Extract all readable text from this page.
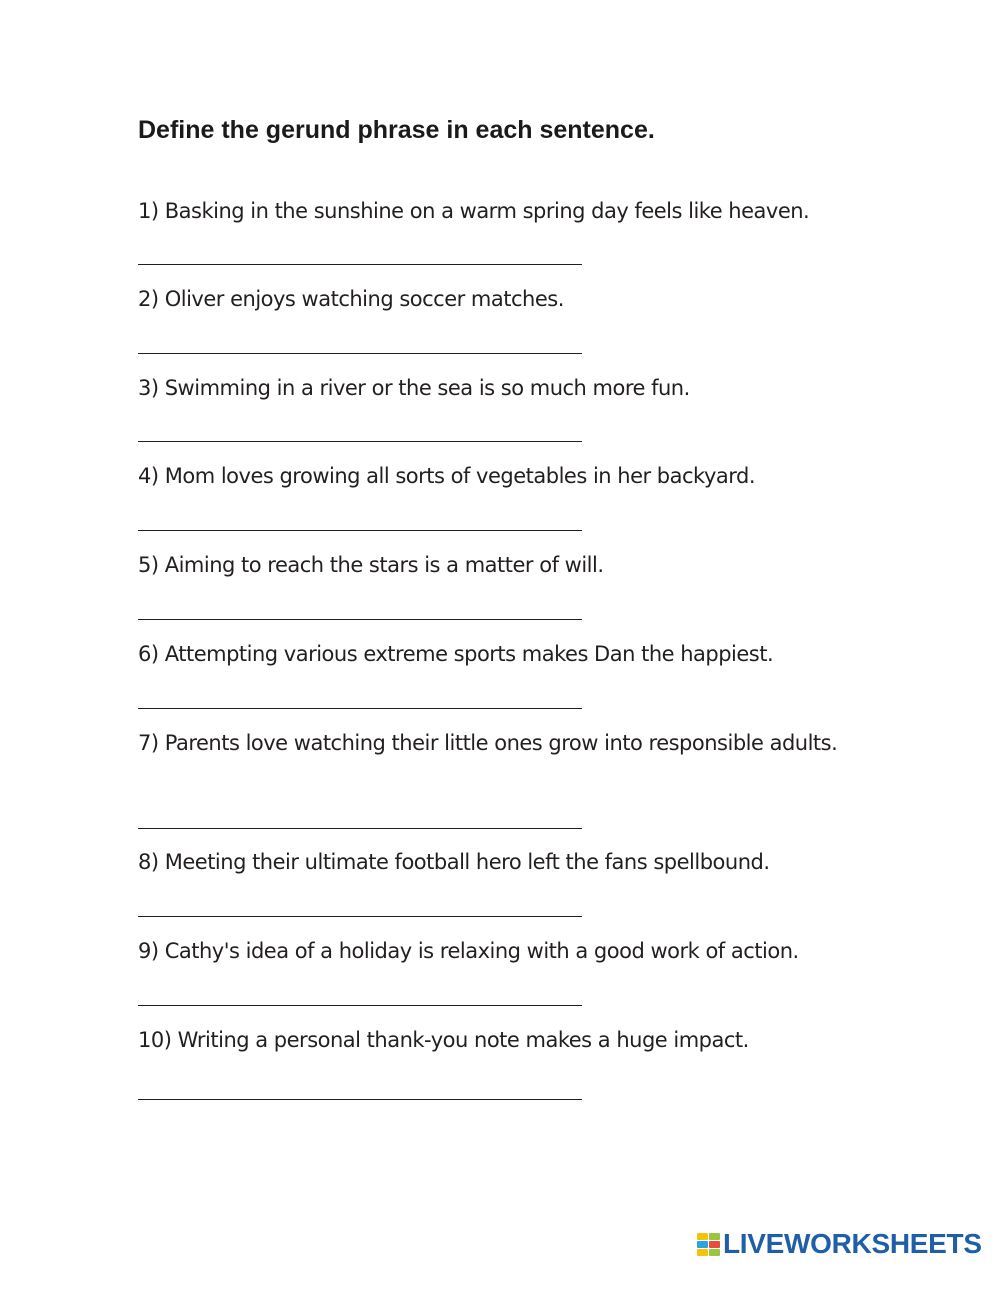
Define the gerund phrase in each sentence.
1) Basking in the sunshine on a warm spring day feels like heaven.
2) Oliver enjoys watching soccer matches.
3) Swimming in a river or the sea is so much more fun.
4) Mom loves growing all sorts of vegetables in her backyard.
5) Aiming to reach the stars is a matter of will.
6) Attempting various extreme sports makes Dan the happiest.
7) Parents love watching their little ones grow into responsible adults.
8) Meeting their ultimate football hero left the fans spellbound.
9) Cathy's idea of a holiday is relaxing with a good work of action.
10) Writing a personal thank-you note makes a huge impact.
LIVEWORKSHEETS
